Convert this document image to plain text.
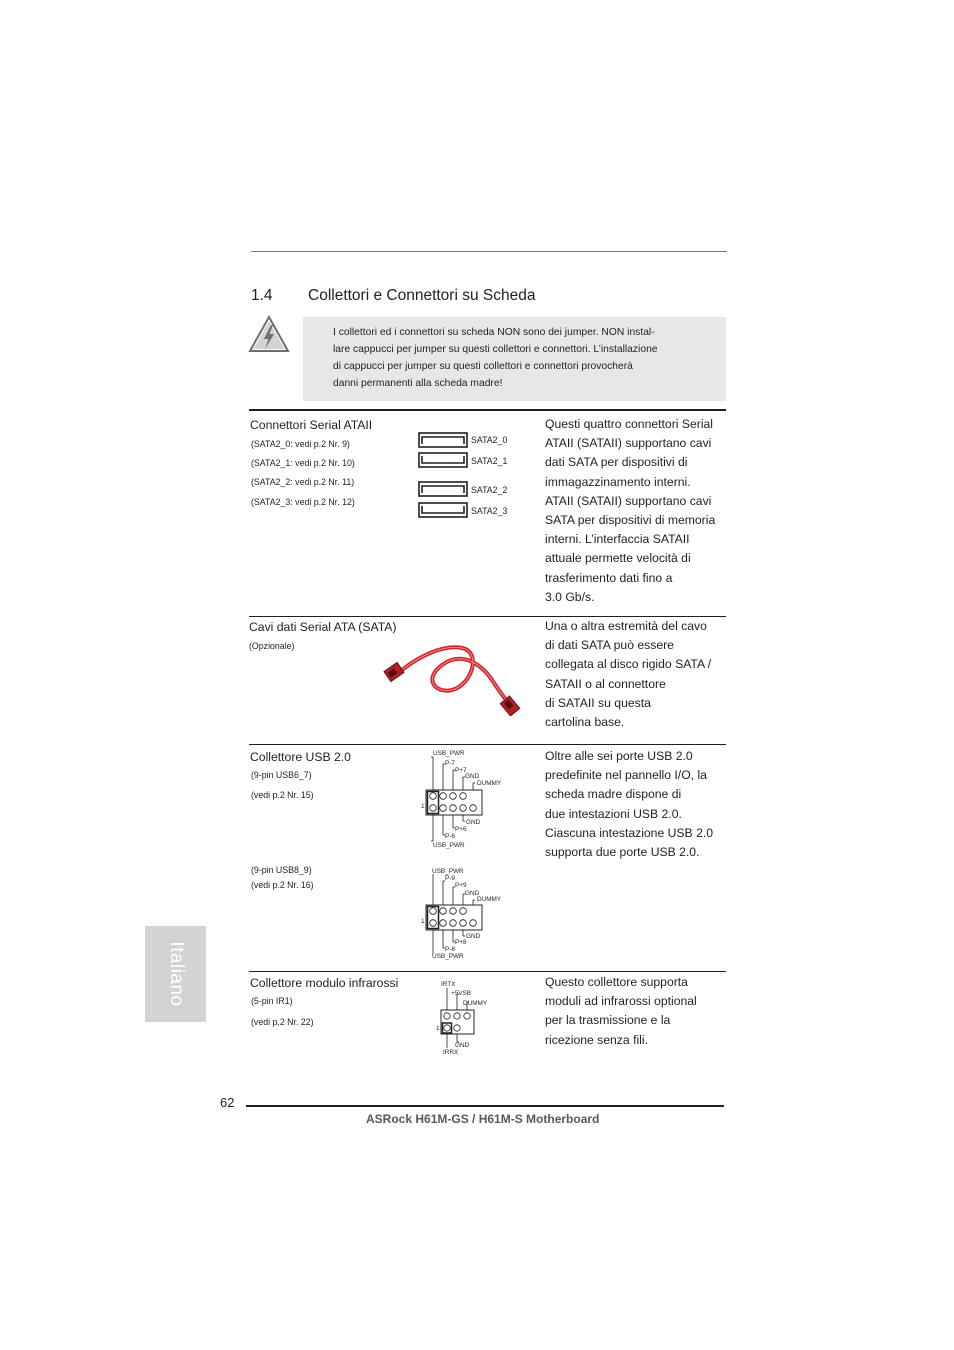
1.4 Collettori e Connettori su Scheda
I collettori ed i connettori su scheda NON sono dei jumper. NON instal-
lare cappucci per jumper su questi collettori e connettori. L’installazione
di cappucci per jumper su questi collettori e connettori provocherà
danni permanenti alla scheda madre!
Connettori Serial ATAII
(SATA2_0: vedi p.2 Nr. 9)
(SATA2_1: vedi p.2 Nr. 10)
(SATA2_2: vedi p.2 Nr. 11)
(SATA2_3: vedi p.2 Nr. 12)
SATA2_0
SATA2_1
SATA2_2
SATA2_3
Questi quattro connettori Serial
ATAII (SATAII) supportano cavi
dati SATA per dispositivi di
immagazzinamento interni.
ATAII (SATAII) supportano cavi
SATA per dispositivi di memoria
interni. L’interfaccia SATAII
attuale permette velocità di
trasferimento dati fino a
3.0 Gb/s.
Cavi dati Serial ATA (SATA)
(Opzionale)
Una o altra estremità del cavo
di dati SATA può essere
collegata al disco rigido SATA /
SATAII o al connettore
di SATAII su questa
cartolina base.
Collettore USB 2.0
(9-pin USB6_7)
(vedi p.2 Nr. 15)
(9-pin USB8_9)
(vedi p.2 Nr. 16)
1
USB_PWR
P-7
P+7
GND
DUMMY
GND
P+6
P-6
USB_PWR
1
USB_PWR
P-9
P+9
GND
DUMMY
GND
P+8
P-8
USB_PWR
Oltre alle sei porte USB 2.0
predefinite nel pannello I/O, la
scheda madre dispone di
due intestazioni USB 2.0.
Ciascuna intestazione USB 2.0
supporta due porte USB 2.0.
Collettore modulo infrarossi
(5-pin IR1)
(vedi p.2 Nr. 22)
1
IRTX
+5VSB
DUMMY
GND
IRRX
Questo collettore supporta
moduli ad infrarossi optional
per la trasmissione e la
ricezione senza fili.
Italiano
62
ASRock H61M-GS / H61M-S Motherboard
